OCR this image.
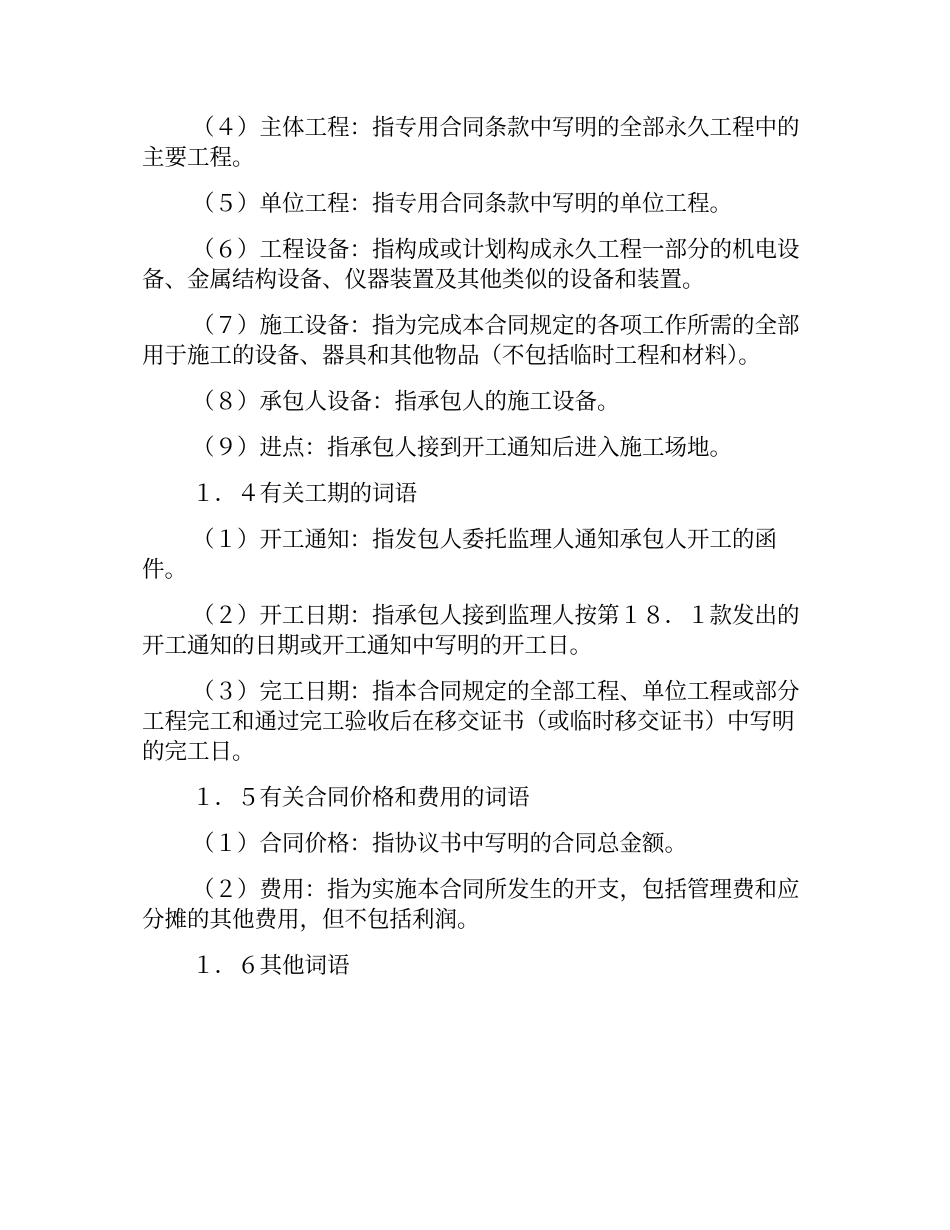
（４）主体工程：指专用合同条款中写明的全部永久工程中的主要工程。

（５）单位工程：指专用合同条款中写明的单位工程。

（６）工程设备：指构成或计划构成永久工程一部分的机电设备、金属结构设备、仪器装置及其他类似的设备和装置。

（７）施工设备：指为完成本合同规定的各项工作所需的全部用于施工的设备、器具和其他物品（不包括临时工程和材料）。

（８）承包人设备：指承包人的施工设备。

（９）进点：指承包人接到开工通知后进入施工场地。

１．４有关工期的词语

（１）开工通知：指发包人委托监理人通知承包人开工的函件。

（２）开工日期：指承包人接到监理人按第１８．１款发出的开工通知的日期或开工通知中写明的开工日。

（３）完工日期：指本合同规定的全部工程、单位工程或部分工程完工和通过完工验收后在移交证书（或临时移交证书）中写明的完工日。

１．５有关合同价格和费用的词语

（１）合同价格：指协议书中写明的合同总金额。

（２）费用：指为实施本合同所发生的开支，包括管理费和应分摊的其他费用，但不包括利润。

１．６其他词语
